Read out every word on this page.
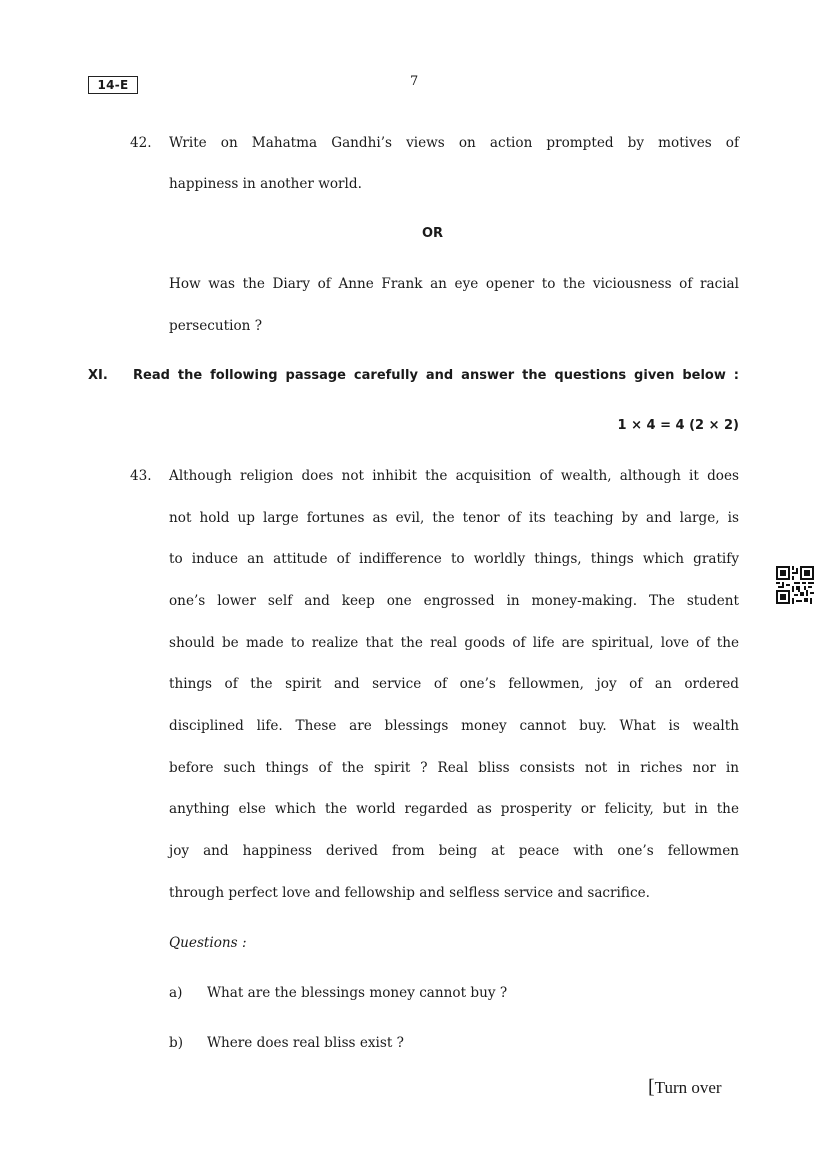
14-E	7
42. Write on Mahatma Gandhi’s views on action prompted by motives of
happiness in another world.
OR
How was the Diary of Anne Frank an eye opener to the viciousness of racial
persecution ?
XI. Read the following passage carefully and answer the questions given below :
1 × 4 = 4 (2 × 2)
43. Although religion does not inhibit the acquisition of wealth, although it does
not hold up large fortunes as evil, the tenor of its teaching by and large, is
to induce an attitude of indifference to worldly things, things which gratify
one’s lower self and keep one engrossed in money-making. The student
should be made to realize that the real goods of life are spiritual, love of the
things of the spirit and service of one’s fellowmen, joy of an ordered
disciplined life. These are blessings money cannot buy. What is wealth
before such things of the spirit ? Real bliss consists not in riches nor in
anything else which the world regarded as prosperity or felicity, but in the
joy and happiness derived from being at peace with one’s fellowmen
through perfect love and fellowship and selfless service and sacrifice.
Questions :
a) What are the blessings money cannot buy ?
b) Where does real bliss exist ?
[Turn over
